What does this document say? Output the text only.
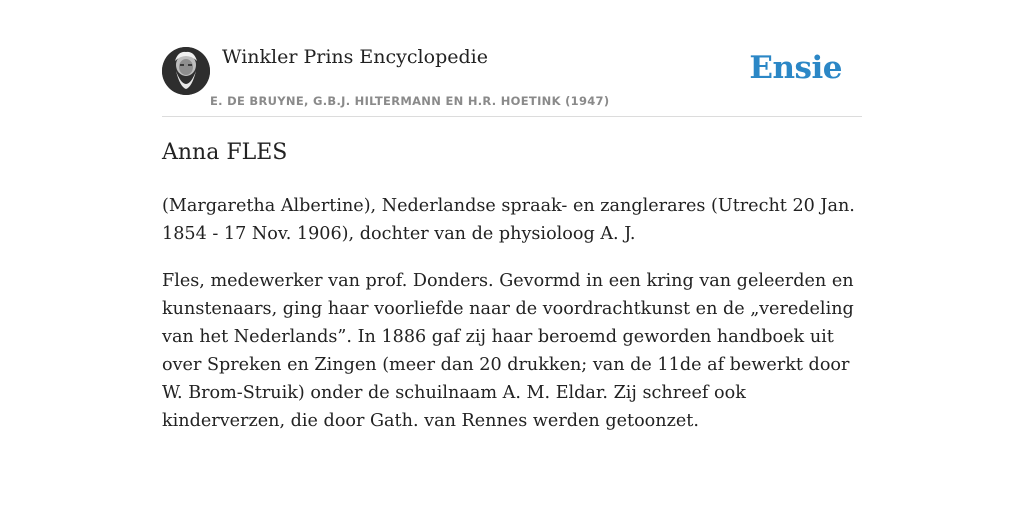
Winkler Prins Encyclopedie
E. DE BRUYNE, G.B.J. HILTERMANN EN H.R. HOETINK (1947)
Ensie
Anna FLES

(Margaretha Albertine), Nederlandse spraak- en zanglerares (Utrecht 20 Jan. 1854 - 17 Nov. 1906), dochter van de physioloog A. J.

Fles, medewerker van prof. Donders. Gevormd in een kring van geleerden en kunstenaars, ging haar voorliefde naar de voordrachtkunst en de „veredeling van het Nederlands”. In 1886 gaf zij haar beroemd geworden handboek uit over Spreken en Zingen (meer dan 20 drukken; van de 11de af bewerkt door W. Brom-Struik) onder de schuilnaam A. M. Eldar. Zij schreef ook kinderverzen, die door Gath. van Rennes werden getoonzet.
